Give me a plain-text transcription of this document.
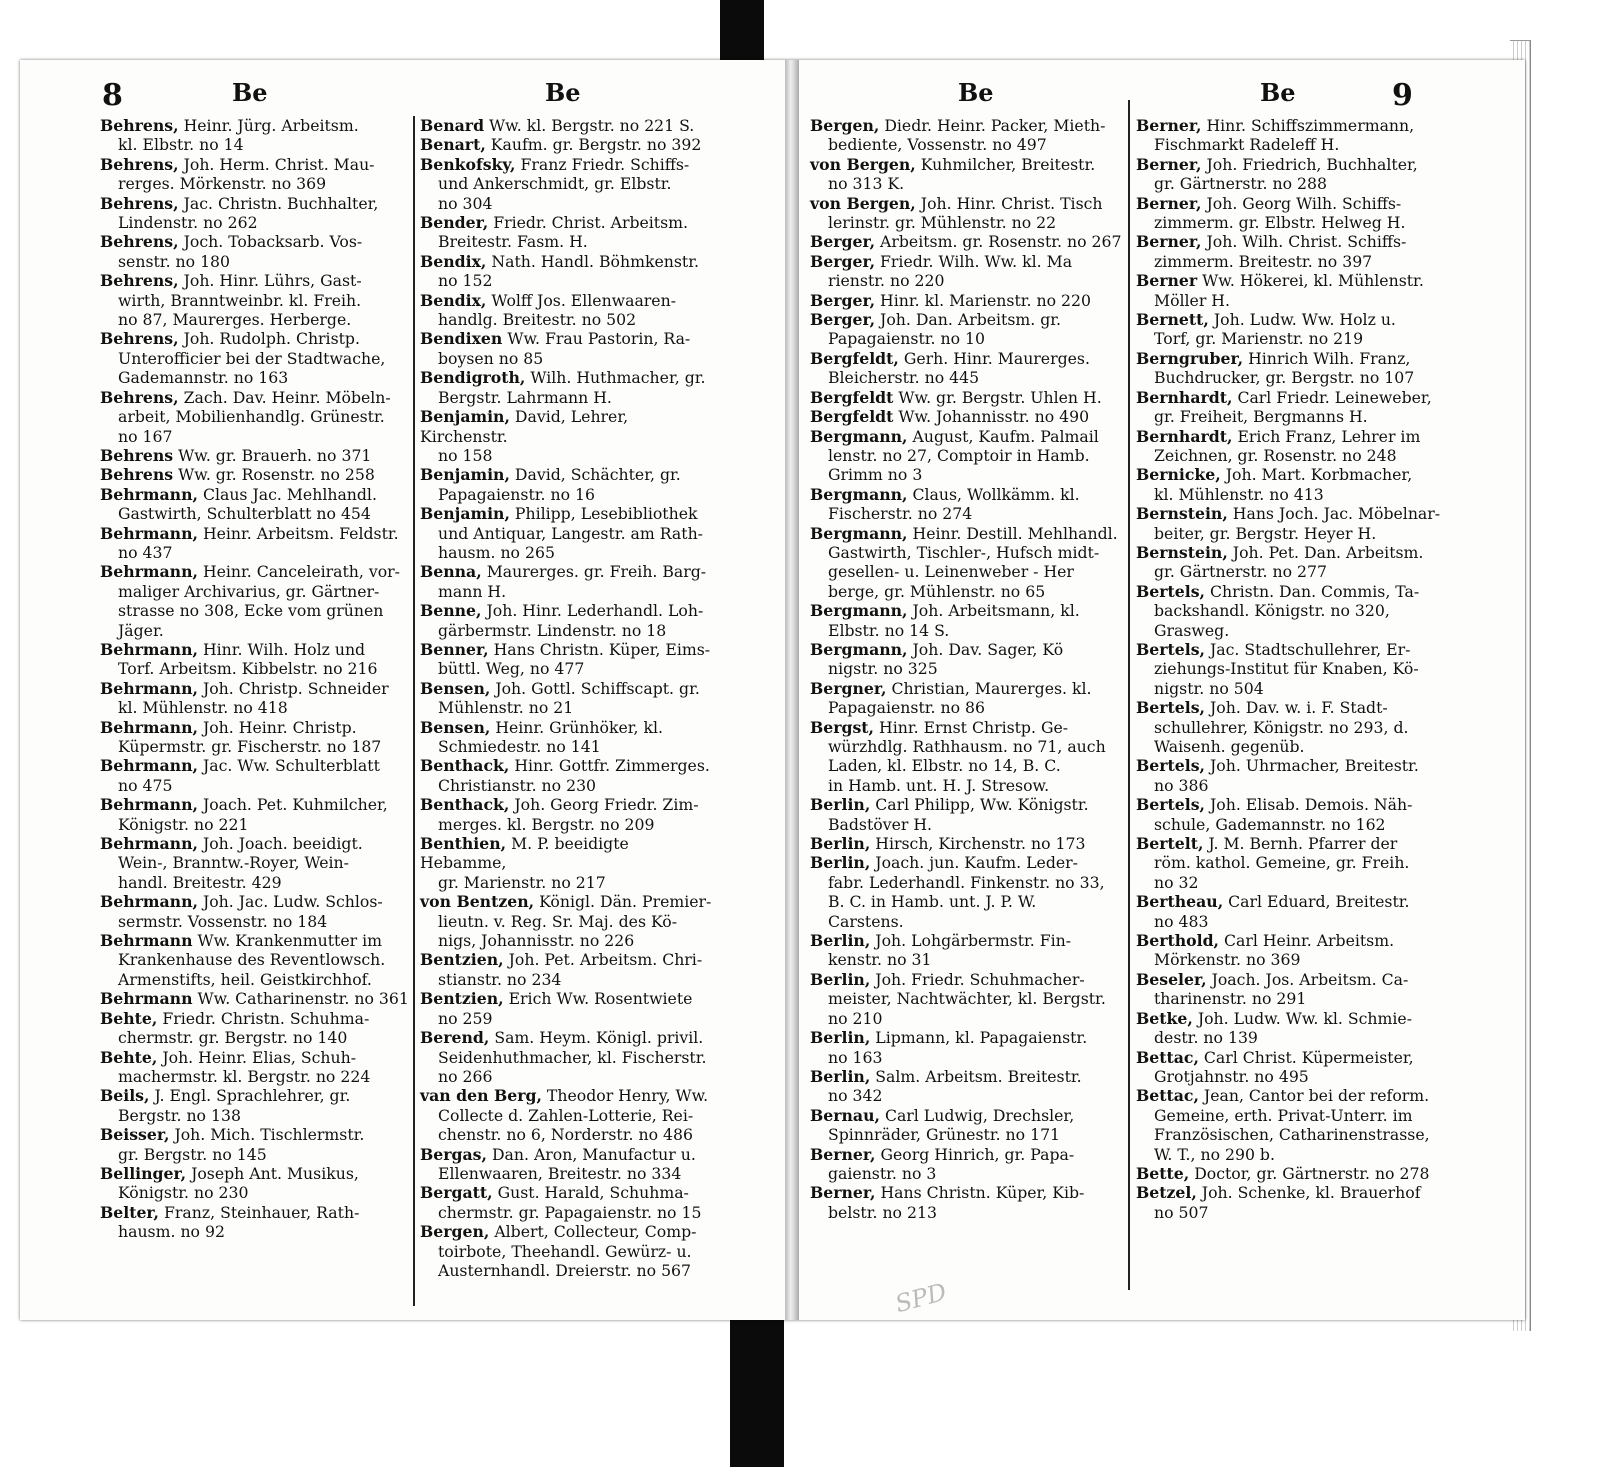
8	Be	Be	Be	Be	9
Behrens, Heinr. Jürg. Arbeitsm.
kl. Elbstr. no 14
Behrens, Joh. Herm. Christ. Mau-
rerges. Mörkenstr. no 369
Behrens, Jac. Christn. Buchhalter,
Lindenstr. no 262
Behrens, Joch. Tobacksarb. Vos-
senstr. no 180
Behrens, Joh. Hinr. Lührs, Gast-
wirth, Branntweinbr. kl. Freih.
no 87, Maurerges. Herberge.
Behrens, Joh. Rudolph. Christp.
Unterofficier bei der Stadtwache,
Gademannstr. no 163
Behrens, Zach. Dav. Heinr. Möbeln-
arbeit, Mobilienhandlg. Grünestr.
no 167
Behrens Ww. gr. Brauerh. no 371
Behrens Ww. gr. Rosenstr. no 258
Behrmann, Claus Jac. Mehlhandl.
Gastwirth, Schulterblatt no 454
Behrmann, Heinr. Arbeitsm. Feldstr.
no 437
Behrmann, Heinr. Canceleirath, vor-
maliger Archivarius, gr. Gärtner-
strasse no 308, Ecke vom grünen
Jäger.
Behrmann, Hinr. Wilh. Holz und
Torf. Arbeitsm. Kibbelstr. no 216
Behrmann, Joh. Christp. Schneider
kl. Mühlenstr. no 418
Behrmann, Joh. Heinr. Christp.
Küpermstr. gr. Fischerstr. no 187
Behrmann, Jac. Ww. Schulterblatt
no 475
Behrmann, Joach. Pet. Kuhmilcher,
Königstr. no 221
Behrmann, Joh. Joach. beeidigt.
Wein-, Branntw.-Royer, Wein-
handl. Breitestr. 429
Behrmann, Joh. Jac. Ludw. Schlos-
sermstr. Vossenstr. no 184
Behrmann Ww. Krankenmutter im
Krankenhause des Reventlowsch.
Armenstifts, heil. Geistkirchhof.
Behrmann Ww. Catharinenstr. no 361
Behte, Friedr. Christn. Schuhma-
chermstr. gr. Bergstr. no 140
Behte, Joh. Heinr. Elias, Schuh-
machermstr. kl. Bergstr. no 224
Beils, J. Engl. Sprachlehrer, gr.
Bergstr. no 138
Beisser, Joh. Mich. Tischlermstr.
gr. Bergstr. no 145
Bellinger, Joseph Ant. Musikus,
Königstr. no 230
Belter, Franz, Steinhauer, Rath-
hausm. no 92
Benard Ww. kl. Bergstr. no 221 S.
Benart, Kaufm. gr. Bergstr. no 392
Benkofsky, Franz Friedr. Schiffs-
und Ankerschmidt, gr. Elbstr.
no 304
Bender, Friedr. Christ. Arbeitsm.
Breitestr. Fasm. H.
Bendix, Nath. Handl. Böhmkenstr.
no 152
Bendix, Wolff Jos. Ellenwaaren-
handlg. Breitestr. no 502
Bendixen Ww. Frau Pastorin, Ra-
boysen no 85
Bendigroth, Wilh. Huthmacher, gr.
Bergstr. Lahrmann H.
Benjamin, David, Lehrer, Kirchenstr.
no 158
Benjamin, David, Schächter, gr.
Papagaienstr. no 16
Benjamin, Philipp, Lesebibliothek
und Antiquar, Langestr. am Rath-
hausm. no 265
Benna, Maurerges. gr. Freih. Barg-
mann H.
Benne, Joh. Hinr. Lederhandl. Loh-
gärbermstr. Lindenstr. no 18
Benner, Hans Christn. Küper, Eims-
büttl. Weg, no 477
Bensen, Joh. Gottl. Schiffscapt. gr.
Mühlenstr. no 21
Bensen, Heinr. Grünhöker, kl.
Schmiedestr. no 141
Benthack, Hinr. Gottfr. Zimmerges.
Christianstr. no 230
Benthack, Joh. Georg Friedr. Zim-
merges. kl. Bergstr. no 209
Benthien, M. P. beeidigte Hebamme,
gr. Marienstr. no 217
von Bentzen, Königl. Dän. Premier-
lieutn. v. Reg. Sr. Maj. des Kö-
nigs, Johannisstr. no 226
Bentzien, Joh. Pet. Arbeitsm. Chri-
stianstr. no 234
Bentzien, Erich Ww. Rosentwiete
no 259
Berend, Sam. Heym. Königl. privil.
Seidenhuthmacher, kl. Fischerstr.
no 266
van den Berg, Theodor Henry, Ww.
Collecte d. Zahlen-Lotterie, Rei-
chenstr. no 6, Norderstr. no 486
Bergas, Dan. Aron, Manufactur u.
Ellenwaaren, Breitestr. no 334
Bergatt, Gust. Harald, Schuhma-
chermstr. gr. Papagaienstr. no 15
Bergen, Albert, Collecteur, Comp-
toirbote, Theehandl. Gewürz- u.
Austernhandl. Dreierstr. no 567
Bergen, Diedr. Heinr. Packer, Mieth-
bediente, Vossenstr. no 497
von Bergen, Kuhmilcher, Breitestr.
no 313 K.
von Bergen, Joh. Hinr. Christ. Tisch
lerinstr. gr. Mühlenstr. no 22
Berger, Arbeitsm. gr. Rosenstr. no 267
Berger, Friedr. Wilh. Ww. kl. Ma
rienstr. no 220
Berger, Hinr. kl. Marienstr. no 220
Berger, Joh. Dan. Arbeitsm. gr.
Papagaienstr. no 10
Bergfeldt, Gerh. Hinr. Maurerges.
Bleicherstr. no 445
Bergfeldt Ww. gr. Bergstr. Uhlen H.
Bergfeldt Ww. Johannisstr. no 490
Bergmann, August, Kaufm. Palmail
lenstr. no 27, Comptoir in Hamb.
Grimm no 3
Bergmann, Claus, Wollkämm. kl.
Fischerstr. no 274
Bergmann, Heinr. Destill. Mehlhandl.
Gastwirth, Tischler-, Hufsch midt-
gesellen- u. Leinenweber - Her
berge, gr. Mühlenstr. no 65
Bergmann, Joh. Arbeitsmann, kl.
Elbstr. no 14 S.
Bergmann, Joh. Dav. Sager, Kö
nigstr. no 325
Bergner, Christian, Maurerges. kl.
Papagaienstr. no 86
Bergst, Hinr. Ernst Christp. Ge-
würzhdlg. Rathhausm. no 71, auch
Laden, kl. Elbstr. no 14, B. C.
in Hamb. unt. H. J. Stresow.
Berlin, Carl Philipp, Ww. Königstr.
Badstöver H.
Berlin, Hirsch, Kirchenstr. no 173
Berlin, Joach. jun. Kaufm. Leder-
fabr. Lederhandl. Finkenstr. no 33,
B. C. in Hamb. unt. J. P. W.
Carstens.
Berlin, Joh. Lohgärbermstr. Fin-
kenstr. no 31
Berlin, Joh. Friedr. Schuhmacher-
meister, Nachtwächter, kl. Bergstr.
no 210
Berlin, Lipmann, kl. Papagaienstr.
no 163
Berlin, Salm. Arbeitsm. Breitestr.
no 342
Bernau, Carl Ludwig, Drechsler,
Spinnräder, Grünestr. no 171
Berner, Georg Hinrich, gr. Papa-
gaienstr. no 3
Berner, Hans Christn. Küper, Kib-
belstr. no 213
Berner, Hinr. Schiffszimmermann,
Fischmarkt Radeleff H.
Berner, Joh. Friedrich, Buchhalter,
gr. Gärtnerstr. no 288
Berner, Joh. Georg Wilh. Schiffs-
zimmerm. gr. Elbstr. Helweg H.
Berner, Joh. Wilh. Christ. Schiffs-
zimmerm. Breitestr. no 397
Berner Ww. Hökerei, kl. Mühlenstr.
Möller H.
Bernett, Joh. Ludw. Ww. Holz u.
Torf, gr. Marienstr. no 219
Berngruber, Hinrich Wilh. Franz,
Buchdrucker, gr. Bergstr. no 107
Bernhardt, Carl Friedr. Leineweber,
gr. Freiheit, Bergmanns H.
Bernhardt, Erich Franz, Lehrer im
Zeichnen, gr. Rosenstr. no 248
Bernicke, Joh. Mart. Korbmacher,
kl. Mühlenstr. no 413
Bernstein, Hans Joch. Jac. Möbelnar-
beiter, gr. Bergstr. Heyer H.
Bernstein, Joh. Pet. Dan. Arbeitsm.
gr. Gärtnerstr. no 277
Bertels, Christn. Dan. Commis, Ta-
backshandl. Königstr. no 320,
Grasweg.
Bertels, Jac. Stadtschullehrer, Er-
ziehungs-Institut für Knaben, Kö-
nigstr. no 504
Bertels, Joh. Dav. w. i. F. Stadt-
schullehrer, Königstr. no 293, d.
Waisenh. gegenüb.
Bertels, Joh. Uhrmacher, Breitestr.
no 386
Bertels, Joh. Elisab. Demois. Näh-
schule, Gademannstr. no 162
Bertelt, J. M. Bernh. Pfarrer der
röm. kathol. Gemeine, gr. Freih.
no 32
Bertheau, Carl Eduard, Breitestr.
no 483
Berthold, Carl Heinr. Arbeitsm.
Mörkenstr. no 369
Beseler, Joach. Jos. Arbeitsm. Ca-
tharinenstr. no 291
Betke, Joh. Ludw. Ww. kl. Schmie-
destr. no 139
Bettac, Carl Christ. Küpermeister,
Grotjahnstr. no 495
Bettac, Jean, Cantor bei der reform.
Gemeine, erth. Privat-Unterr. im
Französischen, Catharinenstrasse,
W. T., no 290 b.
Bette, Doctor, gr. Gärtnerstr. no 278
Betzel, Joh. Schenke, kl. Brauerhof
no 507
SPD
